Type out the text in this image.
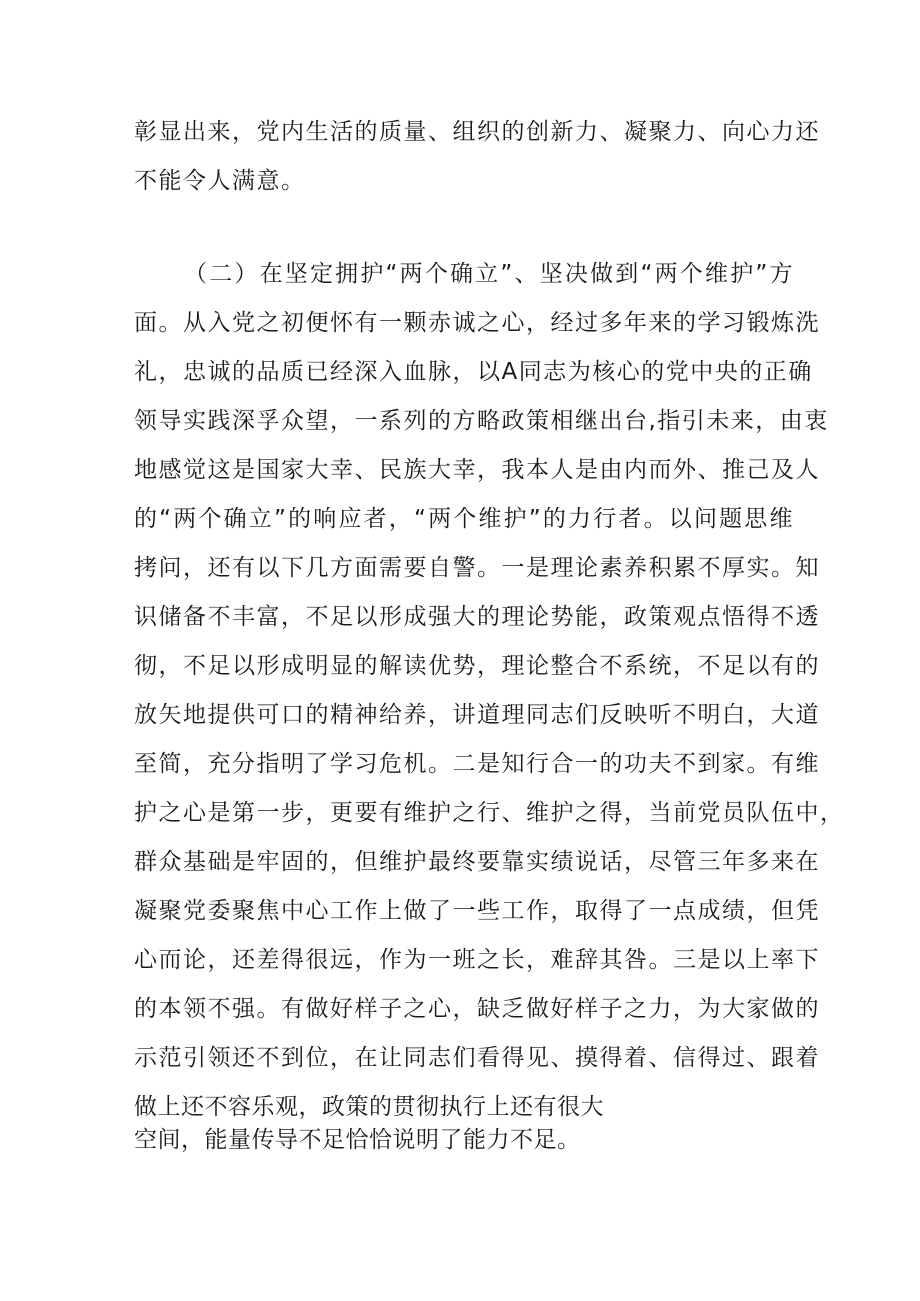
彰显出来，党内生活的质量、组织的创新力、凝聚力、向心力还
不能令人满意。
（二）在坚定拥护“两个确立”、坚决做到“两个维护”方
面。从入党之初便怀有一颗赤诚之心，经过多年来的学习锻炼洗
礼，忠诚的品质已经深入血脉，以A同志为核心的党中央的正确
领导实践深孚众望，一系列的方略政策相继出台,指引未来，由衷
地感觉这是国家大幸、民族大幸，我本人是由内而外、推己及人
的“两个确立”的响应者，“两个维护”的力行者。以问题思维
拷问，还有以下几方面需要自警。一是理论素养积累不厚实。知
识储备不丰富，不足以形成强大的理论势能，政策观点悟得不透
彻，不足以形成明显的解读优势，理论整合不系统，不足以有的
放矢地提供可口的精神给养，讲道理同志们反映听不明白，大道
至简，充分指明了学习危机。二是知行合一的功夫不到家。有维
护之心是第一步，更要有维护之行、维护之得，当前党员队伍中，
群众基础是牢固的，但维护最终要靠实绩说话，尽管三年多来在
凝聚党委聚焦中心工作上做了一些工作，取得了一点成绩，但凭
心而论，还差得很远，作为一班之长，难辞其咎。三是以上率下
的本领不强。有做好样子之心，缺乏做好样子之力，为大家做的
示范引领还不到位，在让同志们看得见、摸得着、信得过、跟着
做上还不容乐观，政策的贯彻执行上还有很大
空间，能量传导不足恰恰说明了能力不足。
